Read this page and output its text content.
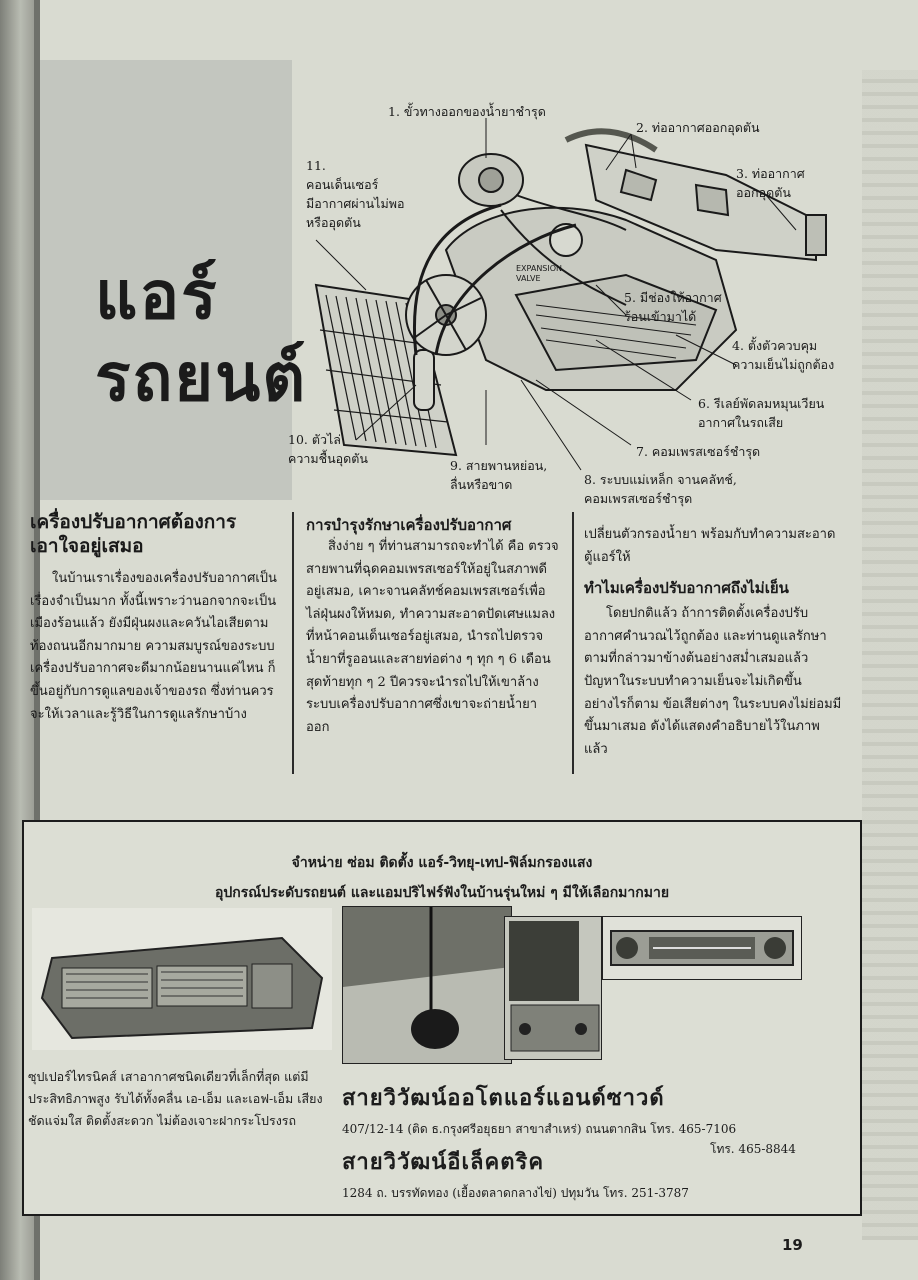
แอร์
รถยนต์
EXPANSION
VALVE
1. ขั้วทางออกของน้ำยาชำรุด
2. ท่ออากาศออกอุดตัน
3. ท่ออากาศ
ออกอุดตัน
4. ตั้งตัวควบคุม
ความเย็นไม่ถูกต้อง
5. มีช่องให้อากาศ
ร้อนเข้ามาได้
6. รีเลย์พัดลมหมุนเวียน
อากาศในรถเสีย
7. คอมเพรสเซอร์ชำรุด
8. ระบบแม่เหล็ก จานคลัทช์,
คอมเพรสเซอร์ชำรุด
9. สายพานหย่อน,
ลื่นหรือขาด
10. ตัวไล่
ความชื้นอุดตัน
11.
คอนเด็นเซอร์
มีอากาศผ่านไม่พอ
หรืออุดตัน
เครื่องปรับอากาศต้องการเอาใจอยู่เสมอ

ในบ้านเราเรื่องของเครื่องปรับอากาศเป็นเรื่องจำเป็นมาก ทั้งนี้เพราะว่านอกจากจะเป็นเมืองร้อนแล้ว ยังมีฝุ่นผงและควันไอเสียตามท้องถนนอีกมากมาย ความสมบูรณ์ของระบบเครื่องปรับอากาศจะดีมากน้อยนานแค่ไหน ก็ขึ้นอยู่กับการดูแลของเจ้าของรถ ซึ่งท่านควรจะให้เวลาและรู้วิธีในการดูแลรักษาบ้าง

การบำรุงรักษาเครื่องปรับอากาศ

สิ่งง่าย ๆ ที่ท่านสามารถจะทำได้ คือ ตรวจสายพานที่ฉุดคอมเพรสเซอร์ให้อยู่ในสภาพดีอยู่เสมอ, เคาะจานคลัทช์คอมเพรสเซอร์เพื่อไล่ฝุ่นผงให้หมด, ทำความสะอาดปัดเศษแมลงที่หน้าคอนเด็นเซอร์อยู่เสมอ, นำรถไปตรวจน้ำยาที่รูออนและสายท่อต่าง ๆ ทุก ๆ 6 เดือน สุดท้ายทุก ๆ 2 ปีควรจะนำรถไปให้เขาล้างระบบเครื่องปรับอากาศซึ่งเขาจะถ่ายน้ำยาออก

เปลี่ยนตัวกรองน้ำยา พร้อมกับทำความสะอาดตู้แอร์ให้
ทำไมเครื่องปรับอากาศถึงไม่เย็น

โดยปกติแล้ว ถ้าการติดตั้งเครื่องปรับอากาศคำนวณไว้ถูกต้อง และท่านดูแลรักษาตามที่กล่าวมาข้างต้นอย่างสม่ำเสมอแล้ว ปัญหาในระบบทำความเย็นจะไม่เกิดขึ้น อย่างไรก็ตาม ข้อเสียต่างๆ ในระบบคงไม่ย่อมมีขึ้นมาเสมอ ดังได้แสดงคำอธิบายไว้ในภาพแล้ว

จำหน่าย ซ่อม ติดตั้ง แอร์-วิทยุ-เทป-ฟิล์มกรองแสง
อุปกรณ์ประดับรถยนต์ และแอมปริไฟร์ฟังในบ้านรุ่นใหม่ ๆ มีให้เลือกมากมาย
ซุปเปอร์ไทรนิคส์ เสาอากาศชนิดเดียวที่เล็กที่สุด แต่มีประสิทธิภาพสูง รับได้ทั้งคลื่น เอ-เอ็ม และเอฟ-เอ็ม เสียงชัดแจ่มใส ติดตั้งสะดวก ไม่ต้องเจาะฝากระโปรงรถ
สายวิวัฒน์ออโตแอร์แอนด์ซาวด์
407/12-14 (ติด ธ.กรุงศรีอยุธยา สาขาสำเหร่) ถนนตากสิน โทร. 465-7106
โทร. 465-8844
สายวิวัฒน์อีเล็คตริค
1284 ถ. บรรทัดทอง (เยื้องตลาดกลางไข่) ปทุมวัน โทร. 251-3787
19
